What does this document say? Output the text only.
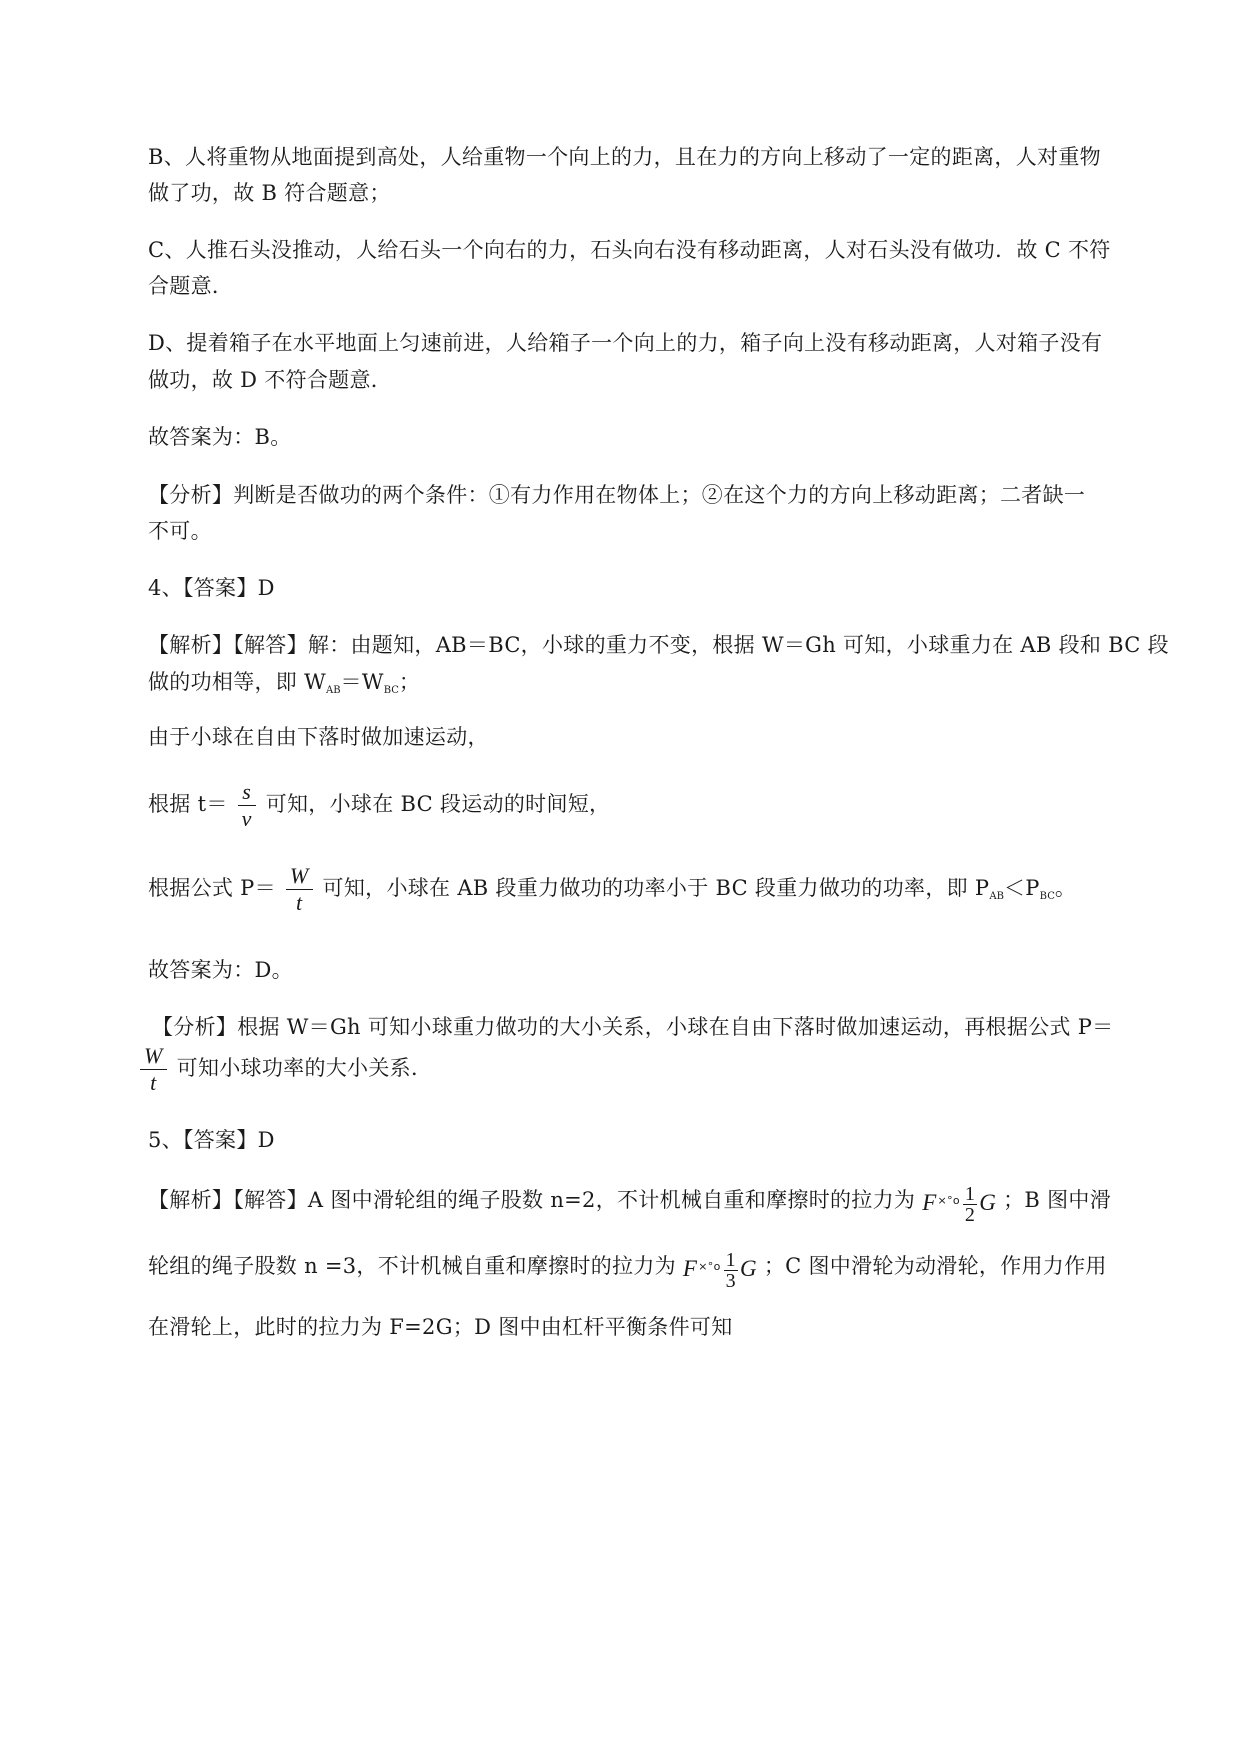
B、人将重物从地面提到高处，人给重物一个向上的力，且在力的方向上移动了一定的距离，人对重物
做了功，故 B 符合题意；
C、人推石头没推动，人给石头一个向右的力，石头向右没有移动距离，人对石头没有做功．故 C 不符
合题意．
D、提着箱子在水平地面上匀速前进，人给箱子一个向上的力，箱子向上没有移动距离，人对箱子没有
做功，故 D 不符合题意．
故答案为：B。
【分析】判断是否做功的两个条件：①有力作用在物体上；②在这个力的方向上移动距离；二者缺一
不可。
4、【答案】D
【解析】【解答】解：由题知，AB＝BC，小球的重力不变，根据 W＝Gh 可知，小球重力在 AB 段和 BC 段
做的功相等，即 $W_{AB}=W_{BC}$；
由于小球在自由下落时做加速运动，
根据 $t= \frac{s}{v}$ 可知，小球在 BC 段运动的时间短，
根据公式 $P= \frac{W}{t}$ 可知，小球在 AB 段重力做功的功率小于 BC 段重力做功的功率，即 $P_{AB}<P_{BC}$。
故答案为：D。
【分析】根据 W＝Gh 可知小球重力做功的大小关系，小球在自由下落时做加速运动，再根据公式 P＝
$\frac{W}{t}$ 可知小球功率的大小关系．
5、【答案】D
【解析】【解答】A 图中滑轮组的绳子股数 n=2，不计机械自重和摩擦时的拉力为 $F^{\times^\circ o} \frac{1}{2}$ G ；B 图中滑
轮组的绳子股数 n =3，不计机械自重和摩擦时的拉力为 $F^{\times^\circ o} \frac{1}{3}$ G ；C 图中滑轮为动滑轮，作用力作用
在滑轮上，此时的拉力为 F=2G；D 图中由杠杆平衡条件可知
